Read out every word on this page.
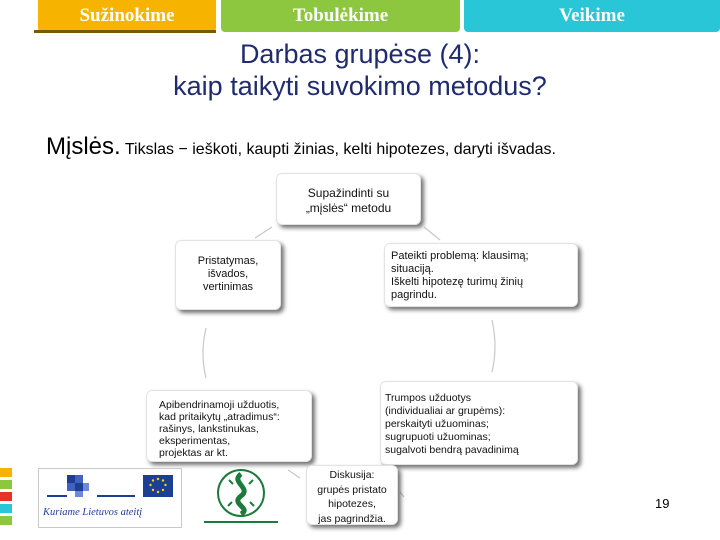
Sužinokime	Tobulėkime	Veikime
Darbas grupėse (4):
kaip taikyti suvokimo metodus?
Mįslės. Tikslas − ieškoti, kaupti žinias, kelti hipotezes, daryti išvadas.
Supažindinti su
„mįslės“ metodu
Pristatymas,
išvados,
vertinimas
Pateikti problemą: klausimą;
situaciją.
Iškelti hipotezę turimų žinių
pagrindu.
Apibendrinamoji užduotis,
kad pritaikytų „atradimus“:
rašinys, lankstinukas,
eksperimentas,
projektas ar kt.
Trumpos užduotys
(individualiai ar grupėms):
perskaityti užuominas;
sugrupuoti užuominas;
sugalvoti bendrą pavadinimą
Diskusija:
grupės pristato
hipotezes,
jas pagrindžia.
Kuriame Lietuvos ateitį
19
